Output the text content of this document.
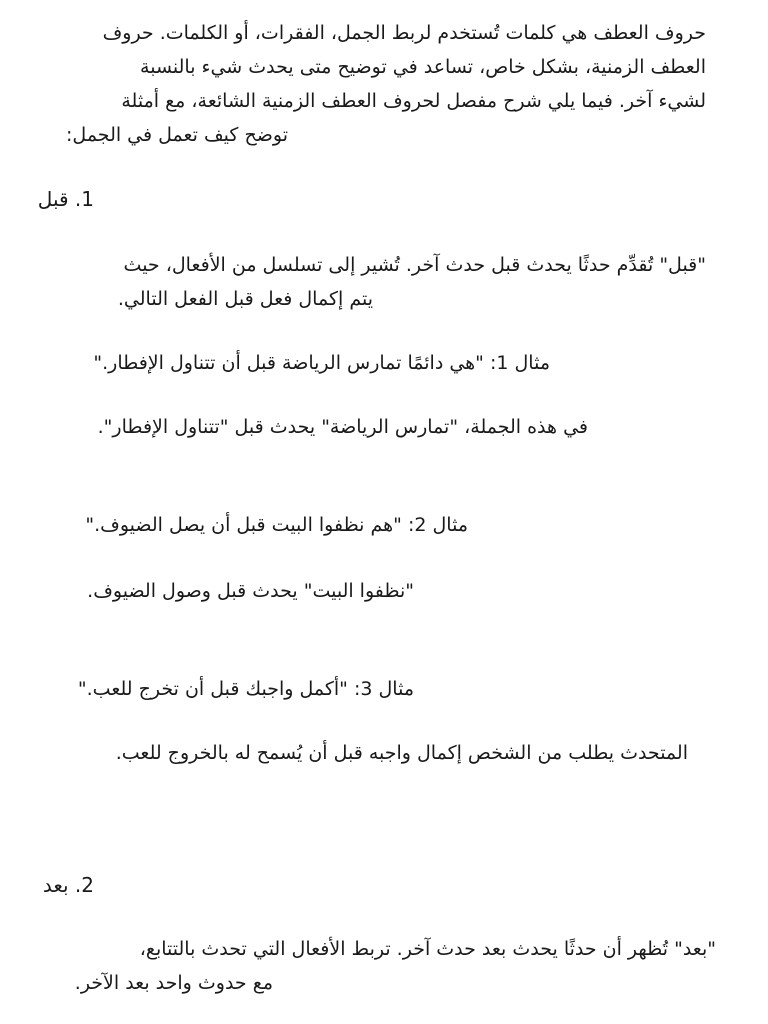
حروف العطف هي كلمات تُستخدم لربط الجمل، الفقرات، أو الكلمات. حروف
العطف الزمنية، بشكل خاص، تساعد في توضيح متى يحدث شيء بالنسبة
لشيء آخر. فيما يلي شرح مفصل لحروف العطف الزمنية الشائعة، مع أمثلة
توضح كيف تعمل في الجمل:
1. قبل
"قبل" تُقدِّم حدثًا يحدث قبل حدث آخر. تُشير إلى تسلسل من الأفعال، حيث
يتم إكمال فعل قبل الفعل التالي.
مثال 1: "هي دائمًا تمارس الرياضة قبل أن تتناول الإفطار."
في هذه الجملة، "تمارس الرياضة" يحدث قبل "تتناول الإفطار".
مثال 2: "هم نظفوا البيت قبل أن يصل الضيوف."
"نظفوا البيت" يحدث قبل وصول الضيوف.
مثال 3: "أكمل واجبك قبل أن تخرج للعب."
المتحدث يطلب من الشخص إكمال واجبه قبل أن يُسمح له بالخروج للعب.
2. بعد
"بعد" تُظهر أن حدثًا يحدث بعد حدث آخر. تربط الأفعال التي تحدث بالتتابع،
مع حدوث واحد بعد الآخر.
